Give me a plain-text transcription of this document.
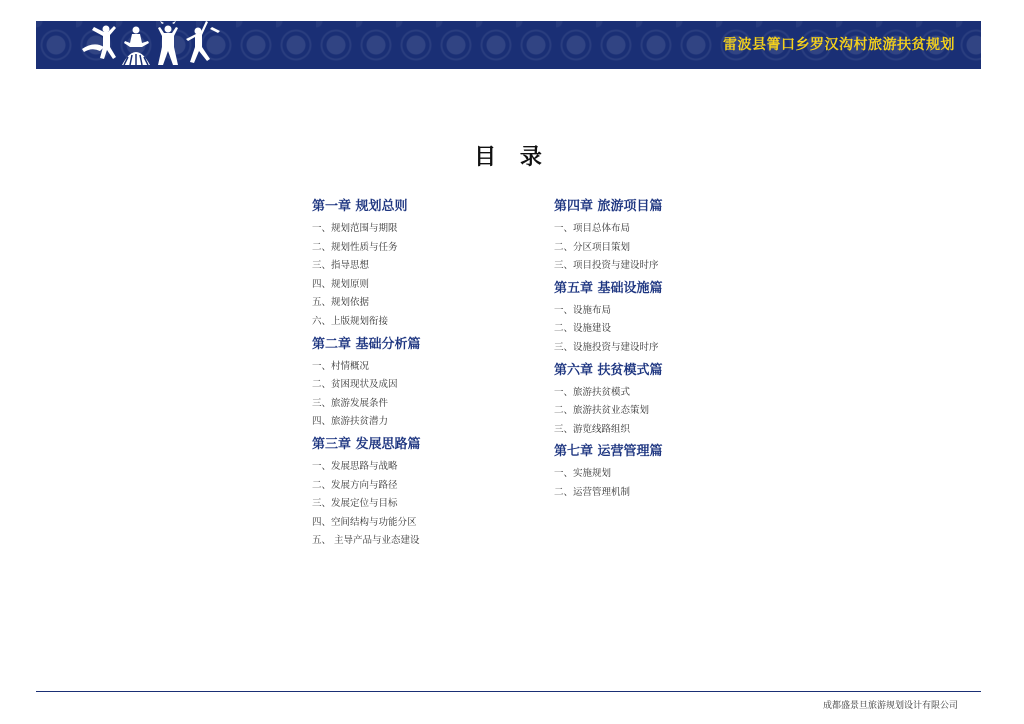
雷波县箐口乡罗汉沟村旅游扶贫规划
目 录
第一章 规划总则
一、规划范围与期限
二、规划性质与任务
三、指导思想
四、规划原则
五、规划依据
六、上版规划衔接
第二章 基础分析篇
一、村情概况
二、贫困现状及成因
三、旅游发展条件
四、旅游扶贫潜力
第三章 发展思路篇
一、发展思路与战略
二、发展方向与路径
三、发展定位与目标
四、空间结构与功能分区
五、 主导产品与业态建设
第四章 旅游项目篇
一、项目总体布局
二、分区项目策划
三、项目投资与建设时序
第五章 基础设施篇
一、设施布局
二、设施建设
三、设施投资与建设时序
第六章 扶贫模式篇
一、旅游扶贫模式
二、旅游扶贫业态策划
三、游览线路组织
第七章 运营管理篇
一、实施规划
二、运营管理机制
成都盛景旦旅游规划设计有限公司
